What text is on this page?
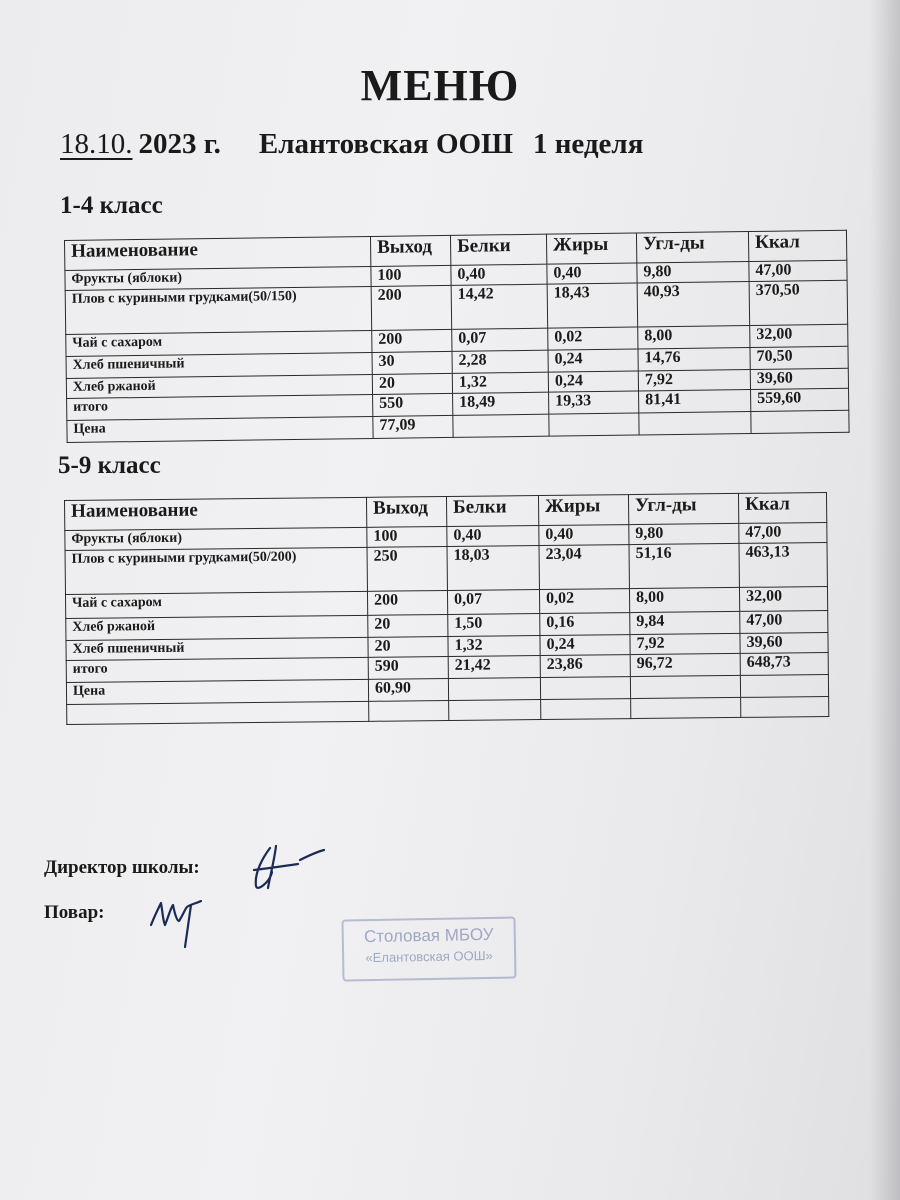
МЕНЮ
18.10. 2023 г. Елантовская ООШ 1 неделя
1-4 класс
Наименование	Выход	Белки	Жиры	Угл-ды	Ккал
Фрукты (яблоки)	100	0,40	0,40	9,80	47,00
Плов с куриными грудками(50/150)	200	14,42	18,43	40,93	370,50
Чай с сахаром	200	0,07	0,02	8,00	32,00
Хлеб пшеничный	30	2,28	0,24	14,76	70,50
Хлеб ржаной	20	1,32	0,24	7,92	39,60
итого	550	18,49	19,33	81,41	559,60
Цена	77,09				
5-9 класс
Наименование	Выход	Белки	Жиры	Угл-ды	Ккал
Фрукты (яблоки)	100	0,40	0,40	9,80	47,00
Плов с куриными грудками(50/200)	250	18,03	23,04	51,16	463,13
Чай с сахаром	200	0,07	0,02	8,00	32,00
Хлеб ржаной	20	1,50	0,16	9,84	47,00
Хлеб пшеничный	20	1,32	0,24	7,92	39,60
итого	590	21,42	23,86	96,72	648,73
Цена	60,90				

Директор школы:
Повар:
Столовая МБОУ
«Елантовская ООШ»
